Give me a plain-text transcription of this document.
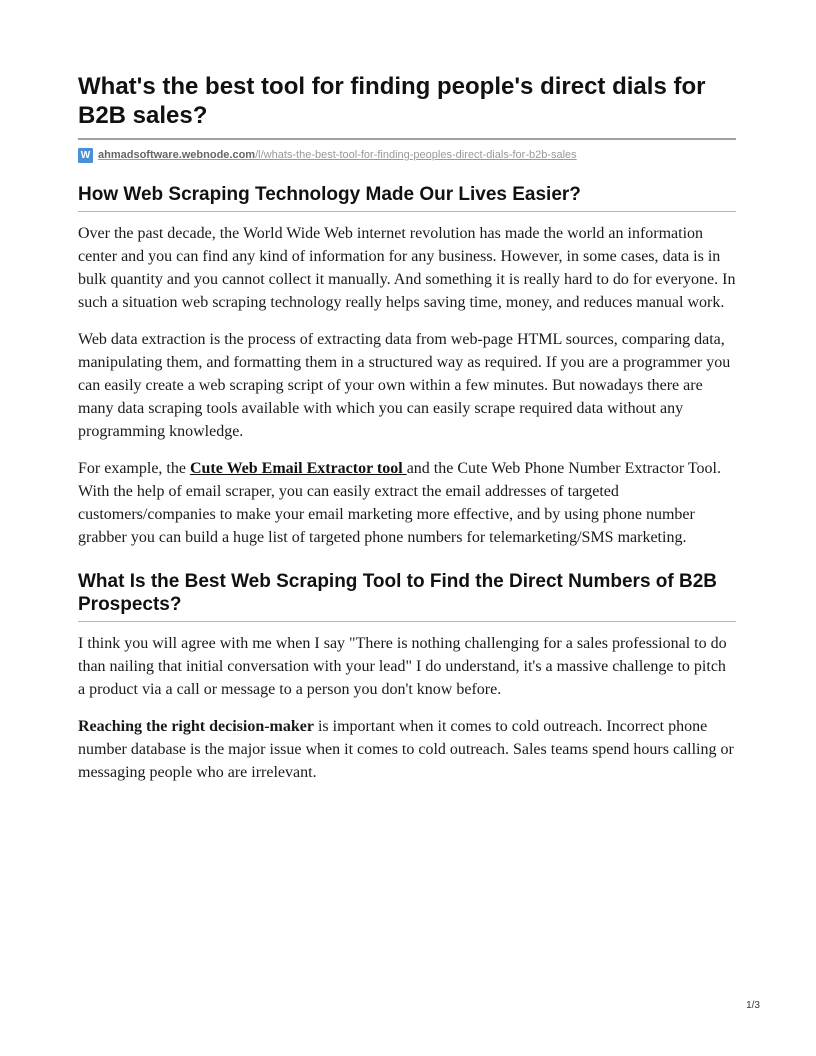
What's the best tool for finding people's direct dials for B2B sales?
W ahmadsoftware.webnode.com/l/whats-the-best-tool-for-finding-peoples-direct-dials-for-b2b-sales
How Web Scraping Technology Made Our Lives Easier?

Over the past decade, the World Wide Web internet revolution has made the world an information center and you can find any kind of information for any business. However, in some cases, data is in bulk quantity and you cannot collect it manually. And something it is really hard to do for everyone. In such a situation web scraping technology really helps saving time, money, and reduces manual work.

Web data extraction is the process of extracting data from web-page HTML sources, comparing data, manipulating them, and formatting them in a structured way as required. If you are a programmer you can easily create a web scraping script of your own within a few minutes. But nowadays there are many data scraping tools available with which you can easily scrape required data without any programming knowledge.

For example, the Cute Web Email Extractor tool and the Cute Web Phone Number Extractor Tool. With the help of email scraper, you can easily extract the email addresses of targeted customers/companies to make your email marketing more effective, and by using phone number grabber you can build a huge list of targeted phone numbers for telemarketing/SMS marketing.

What Is the Best Web Scraping Tool to Find the Direct Numbers of B2B Prospects?

I think you will agree with me when I say "There is nothing challenging for a sales professional to do than nailing that initial conversation with your lead" I do understand, it's a massive challenge to pitch a product via a call or message to a person you don't know before.

Reaching the right decision-maker is important when it comes to cold outreach. Incorrect phone number database is the major issue when it comes to cold outreach. Sales teams spend hours calling or messaging people who are irrelevant.

1/3
